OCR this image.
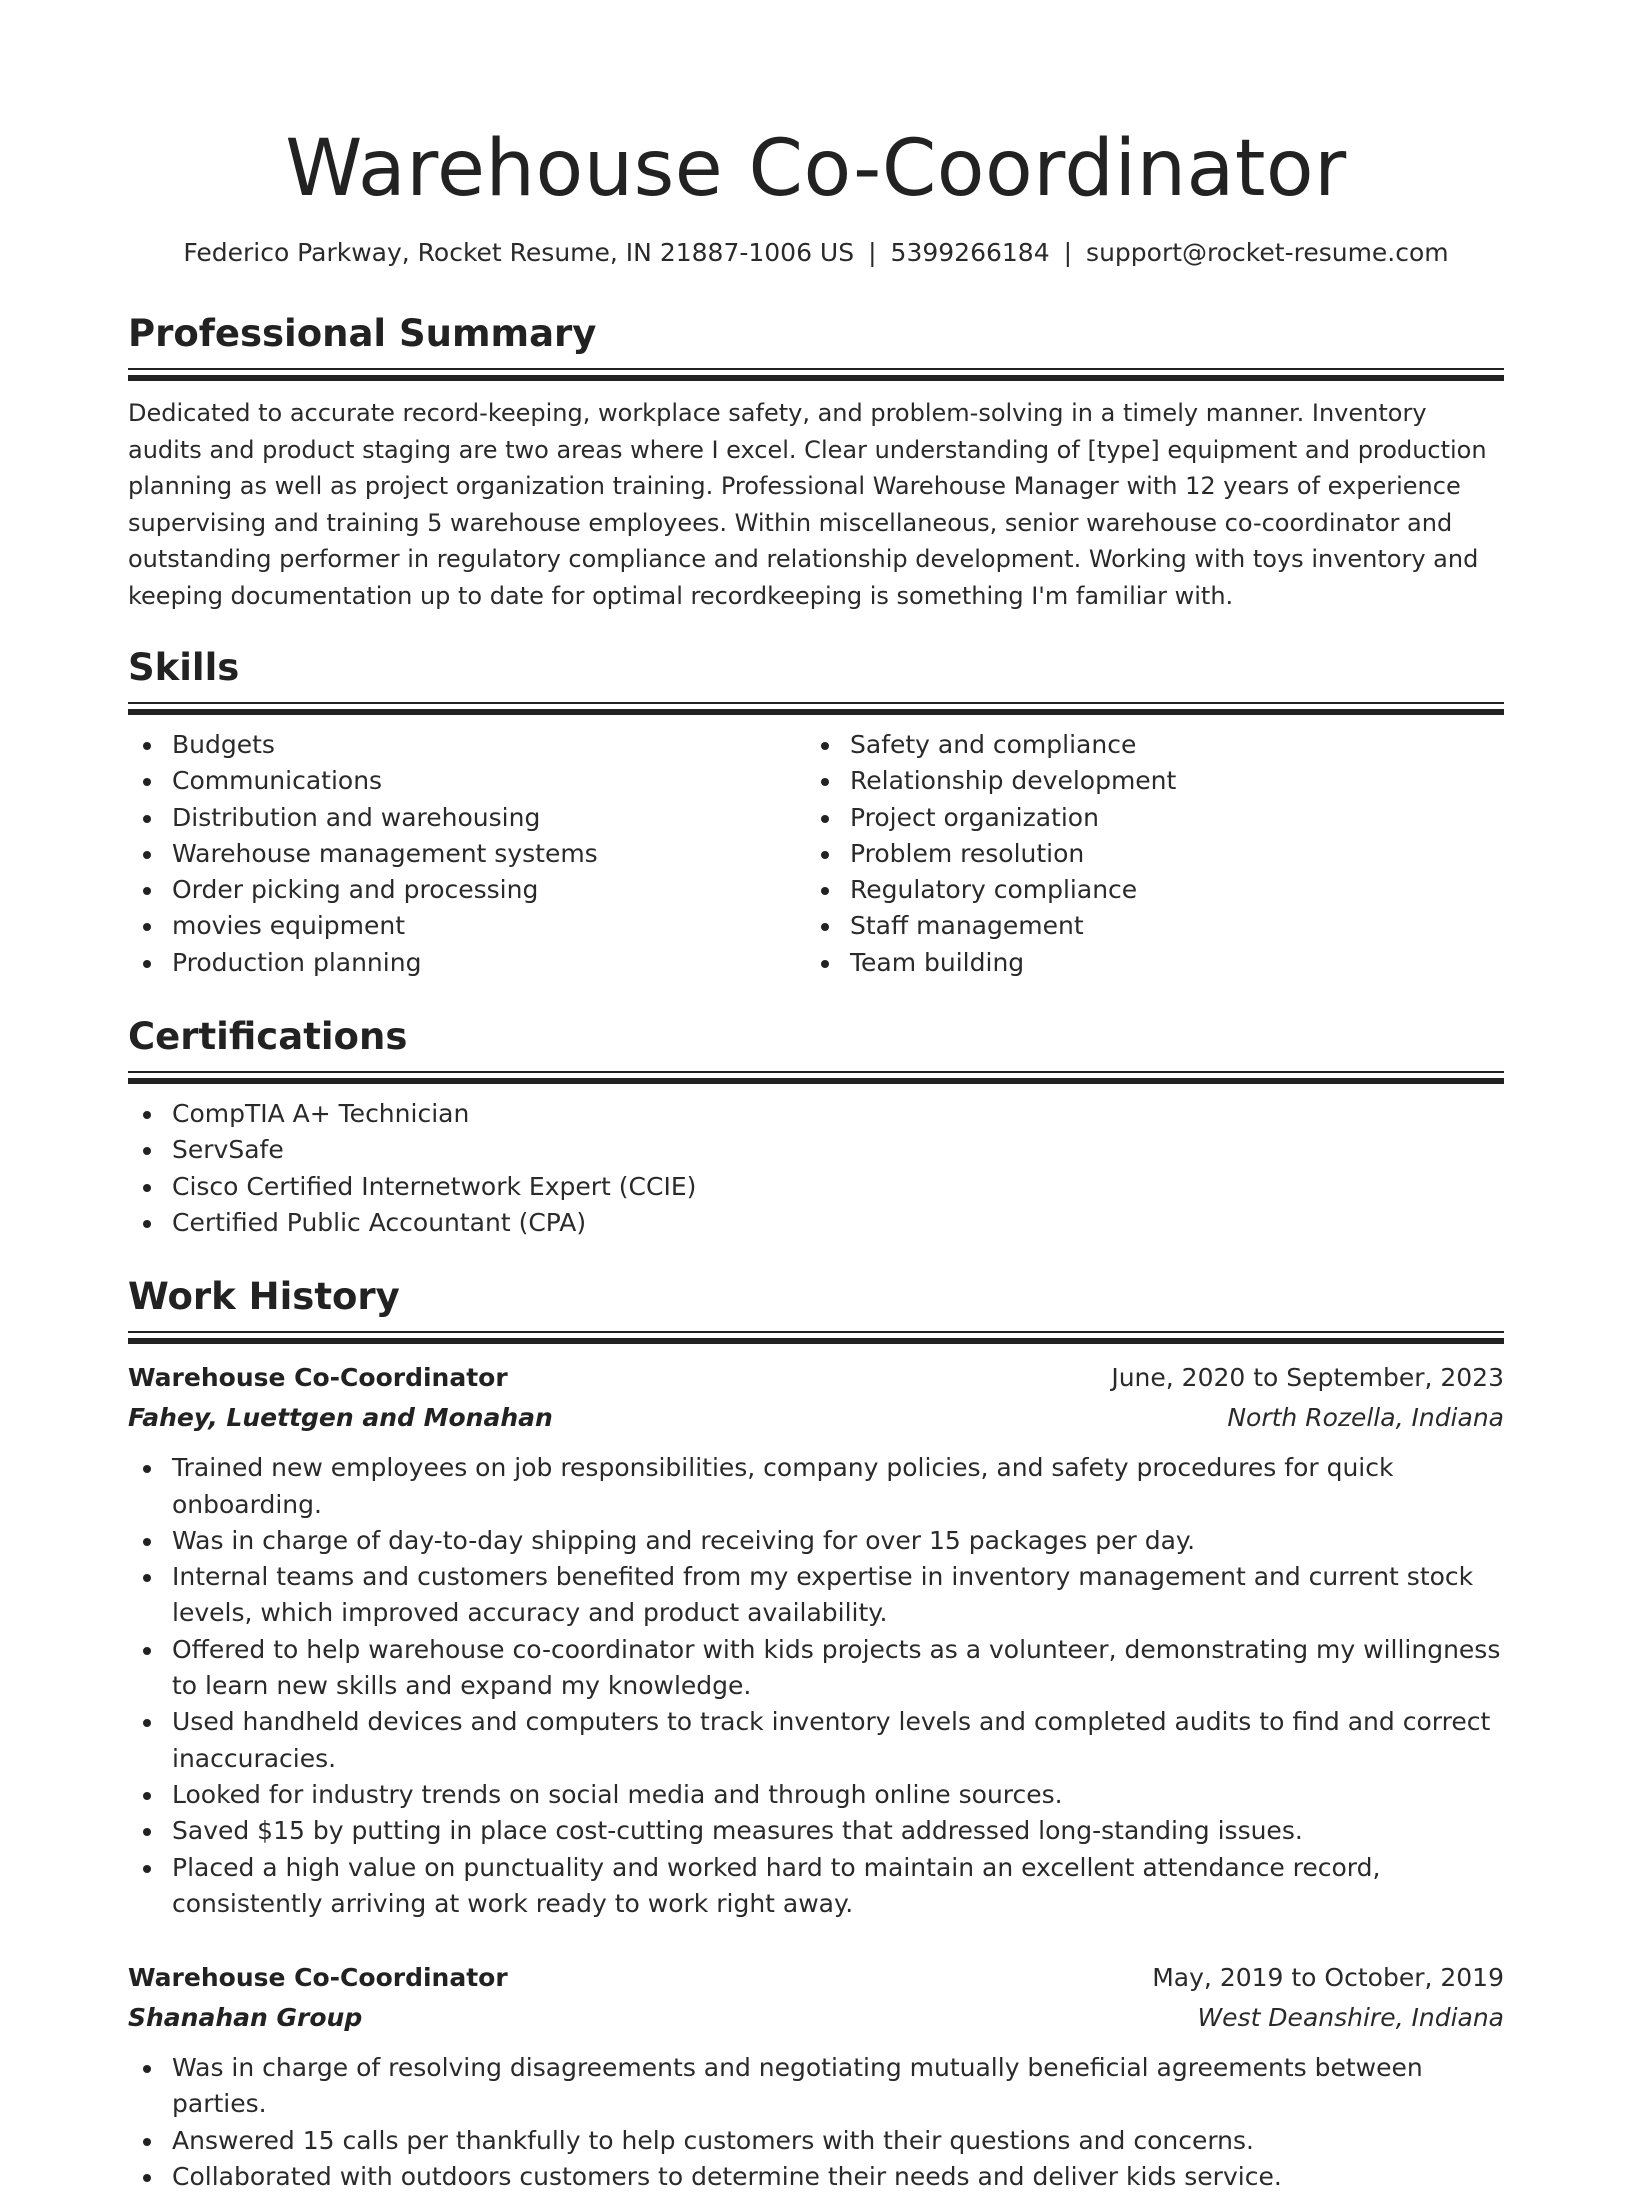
Warehouse Co-Coordinator
Federico Parkway, Rocket Resume, IN 21887-1006 US | 5399266184 | support@rocket-resume.com
Professional Summary

Dedicated to accurate record-keeping, workplace safety, and problem-solving in a timely manner. Inventory audits and product staging are two areas where I excel. Clear understanding of [type] equipment and production planning as well as project organization training. Professional Warehouse Manager with 12 years of experience supervising and training 5 warehouse employees. Within miscellaneous, senior warehouse co-coordinator and outstanding performer in regulatory compliance and relationship development. Working with toys inventory and keeping documentation up to date for optimal recordkeeping is something I'm familiar with.

Skills
Budgets
Communications
Distribution and warehousing
Warehouse management systems
Order picking and processing
movies equipment
Production planning
Safety and compliance
Relationship development
Project organization
Problem resolution
Regulatory compliance
Staff management
Team building
Certifications
CompTIA A+ Technician
ServSafe
Cisco Certified Internetwork Expert (CCIE)
Certified Public Accountant (CPA)
Work History
Warehouse Co-Coordinator	June, 2020 to September, 2023
Fahey, Luettgen and Monahan	North Rozella, Indiana
Trained new employees on job responsibilities, company policies, and safety procedures for quick onboarding.
Was in charge of day-to-day shipping and receiving for over 15 packages per day.
Internal teams and customers benefited from my expertise in inventory management and current stock levels, which improved accuracy and product availability.
Offered to help warehouse co-coordinator with kids projects as a volunteer, demonstrating my willingness to learn new skills and expand my knowledge.
Used handheld devices and computers to track inventory levels and completed audits to find and correct inaccuracies.
Looked for industry trends on social media and through online sources.
Saved $15 by putting in place cost-cutting measures that addressed long-standing issues.
Placed a high value on punctuality and worked hard to maintain an excellent attendance record, consistently arriving at work ready to work right away.
Warehouse Co-Coordinator	May, 2019 to October, 2019
Shanahan Group	West Deanshire, Indiana
Was in charge of resolving disagreements and negotiating mutually beneficial agreements between parties.
Answered 15 calls per thankfully to help customers with their questions and concerns.
Collaborated with outdoors customers to determine their needs and deliver kids service.
